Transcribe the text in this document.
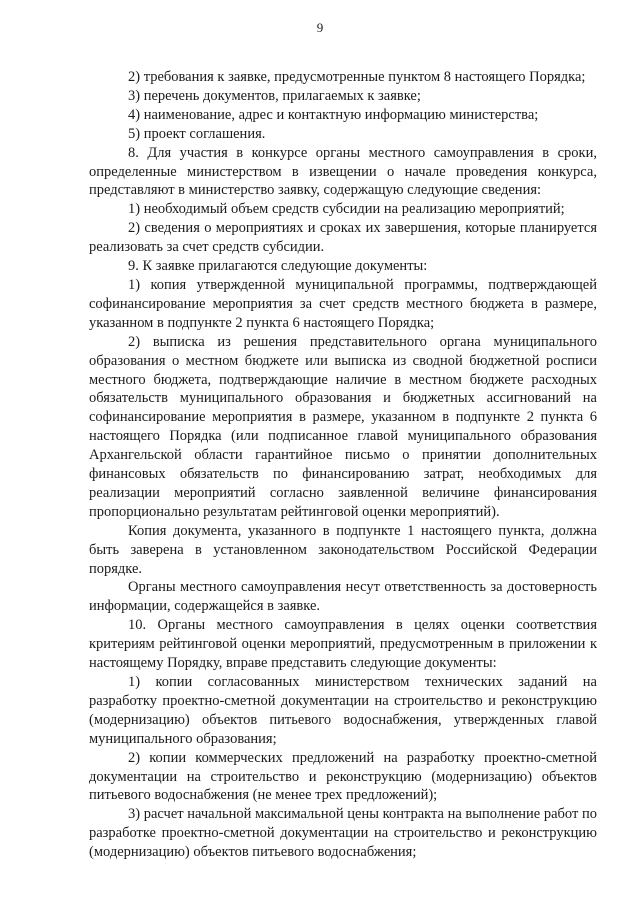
9

2) требования к заявке, предусмотренные пунктом 8 настоящего Порядка;

3) перечень документов, прилагаемых к заявке;

4) наименование, адрес и контактную информацию министерства;

5) проект соглашения.

8. Для участия в конкурсе органы местного самоуправления в сроки, определенные министерством в извещении о начале проведения конкурса, представляют в министерство заявку, содержащую следующие сведения:

1) необходимый объем средств субсидии на реализацию мероприятий;

2) сведения о мероприятиях и сроках их завершения, которые планируется реализовать за счет средств субсидии.

9. К заявке прилагаются следующие документы:

1) копия утвержденной муниципальной программы, подтверждающей софинансирование мероприятия за счет средств местного бюджета в размере, указанном в подпункте 2 пункта 6 настоящего Порядка;

2) выписка из решения представительного органа муниципального образования о местном бюджете или выписка из сводной бюджетной росписи местного бюджета, подтверждающие наличие в местном бюджете расходных обязательств муниципального образования и бюджетных ассигнований на софинансирование мероприятия в размере, указанном в подпункте 2 пункта 6 настоящего Порядка (или подписанное главой муниципального образования Архангельской области гарантийное письмо о принятии дополнительных финансовых обязательств по финансированию затрат, необходимых для реализации мероприятий согласно заявленной величине финансирования пропорционально результатам рейтинговой оценки мероприятий).

Копия документа, указанного в подпункте 1 настоящего пункта, должна быть заверена в установленном законодательством Российской Федерации порядке.

Органы местного самоуправления несут ответственность за достоверность информации, содержащейся в заявке.

10. Органы местного самоуправления в целях оценки соответствия критериям рейтинговой оценки мероприятий, предусмотренным в приложении к настоящему Порядку, вправе представить следующие документы:

1) копии согласованных министерством технических заданий на разработку проектно-сметной документации на строительство и реконструкцию (модернизацию) объектов питьевого водоснабжения, утвержденных главой муниципального образования;

2) копии коммерческих предложений на разработку проектно-сметной документации на строительство и реконструкцию (модернизацию) объектов питьевого водоснабжения (не менее трех предложений);

3) расчет начальной максимальной цены контракта на выполнение работ по разработке проектно-сметной документации на строительство и реконструкцию (модернизацию) объектов питьевого водоснабжения;
